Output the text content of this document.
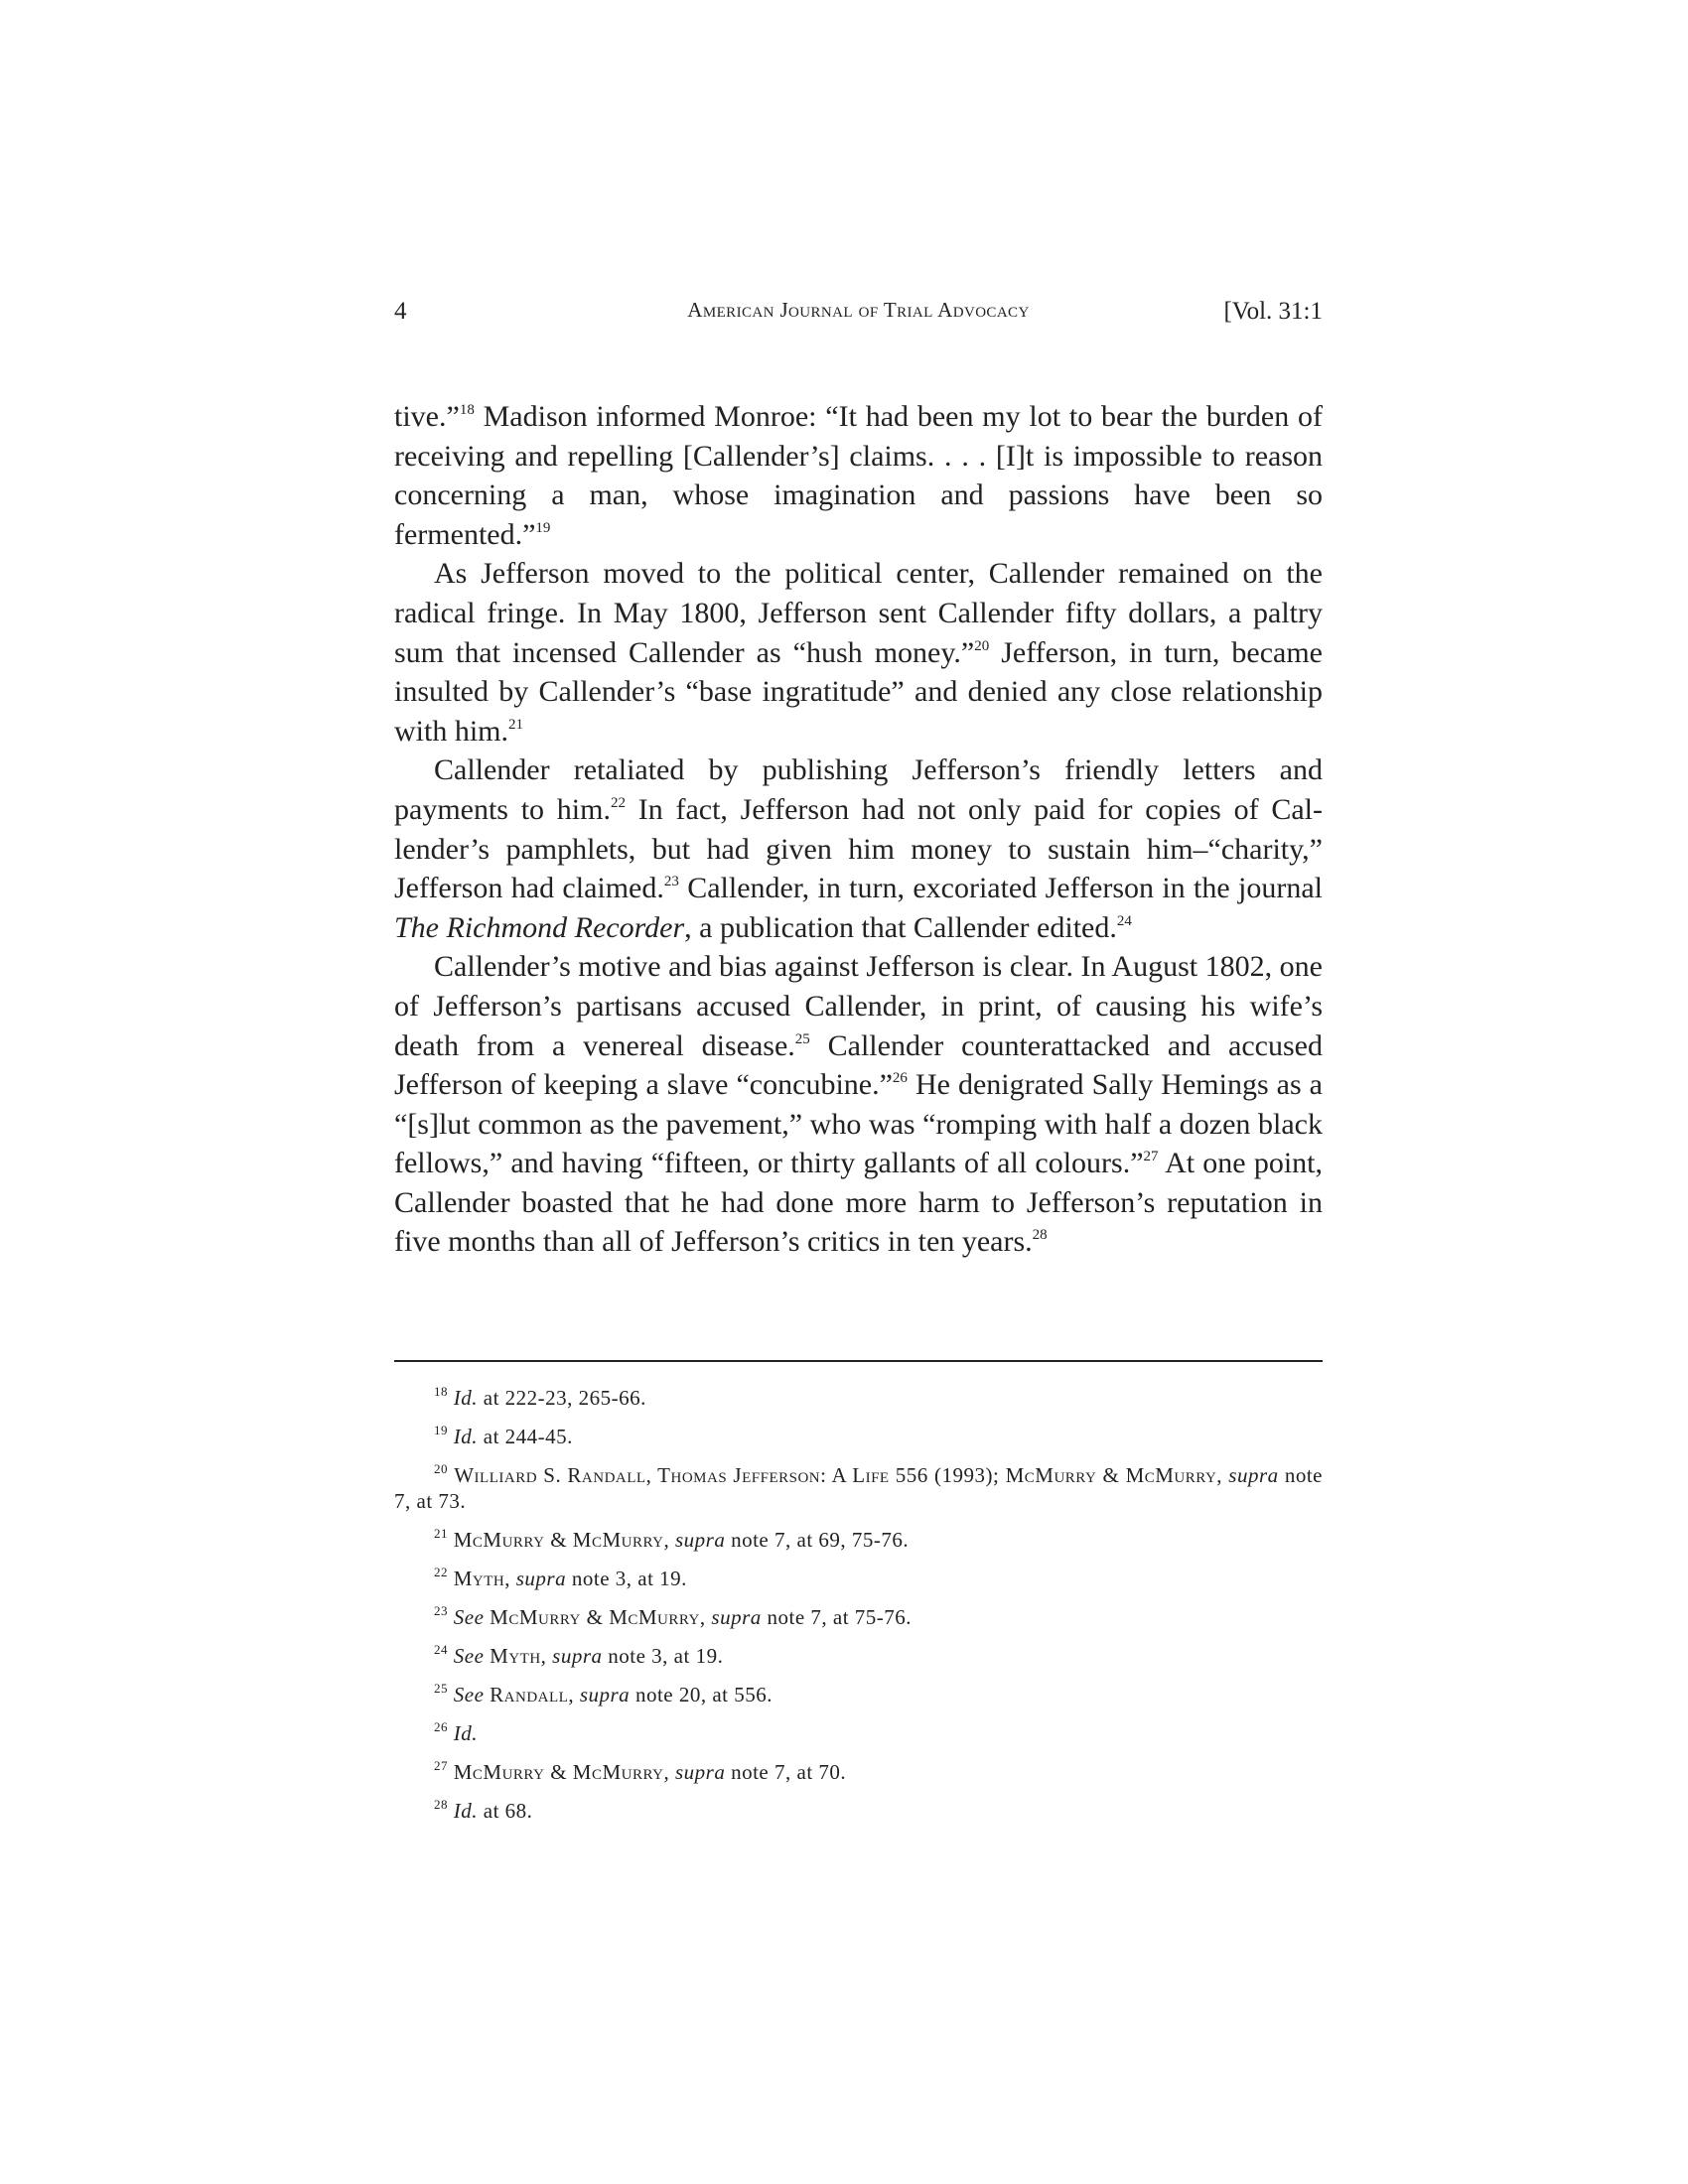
4	American Journal of Trial Advocacy	[Vol. 31:1

tive.”$^{18}$ Madison informed Monroe: “It had been my lot to bear the burden of receiving and repelling [Callender’s] claims. . . . [I]t is impossible to reason concerning a man, whose imagination and passions have been so fermented.”$^{19}$

As Jefferson moved to the political center, Callender remained on the radical fringe. In May 1800, Jefferson sent Callender fifty dollars, a paltry sum that incensed Callender as “hush money.”$^{20}$ Jefferson, in turn, became insulted by Callender’s “base ingratitude” and denied any close relationship with him.$^{21}$

Callender retaliated by publishing Jefferson’s friendly letters and payments to him.$^{22}$ In fact, Jefferson had not only paid for copies of Cal-lender’s pamphlets, but had given him money to sustain him–“charity,” Jefferson had claimed.$^{23}$ Callender, in turn, excoriated Jefferson in the journal The Richmond Recorder, a publication that Callender edited.$^{24}$

Callender’s motive and bias against Jefferson is clear. In August 1802, one of Jefferson’s partisans accused Callender, in print, of causing his wife’s death from a venereal disease.$^{25}$ Callender counterattacked and accused Jefferson of keeping a slave “concubine.”$^{26}$ He denigrated Sally Hemings as a “[s]lut common as the pavement,” who was “romping with half a dozen black fellows,” and having “fifteen, or thirty gallants of all colours.”$^{27}$ At one point, Callender boasted that he had done more harm to Jefferson’s reputation in five months than all of Jefferson’s critics in ten years.$^{28}$

$^{18}$ Id. at 222-23, 265-66.
$^{19}$ Id. at 244-45.
$^{20}$ Williard S. Randall, Thomas Jefferson: A Life 556 (1993); McMurry & McMurry, supra note 7, at 73.
$^{21}$ McMurry & McMurry, supra note 7, at 69, 75-76.
$^{22}$ Myth, supra note 3, at 19.
$^{23}$ See McMurry & McMurry, supra note 7, at 75-76.
$^{24}$ See Myth, supra note 3, at 19.
$^{25}$ See Randall, supra note 20, at 556.
$^{26}$ Id.
$^{27}$ McMurry & McMurry, supra note 7, at 70.
$^{28}$ Id. at 68.
